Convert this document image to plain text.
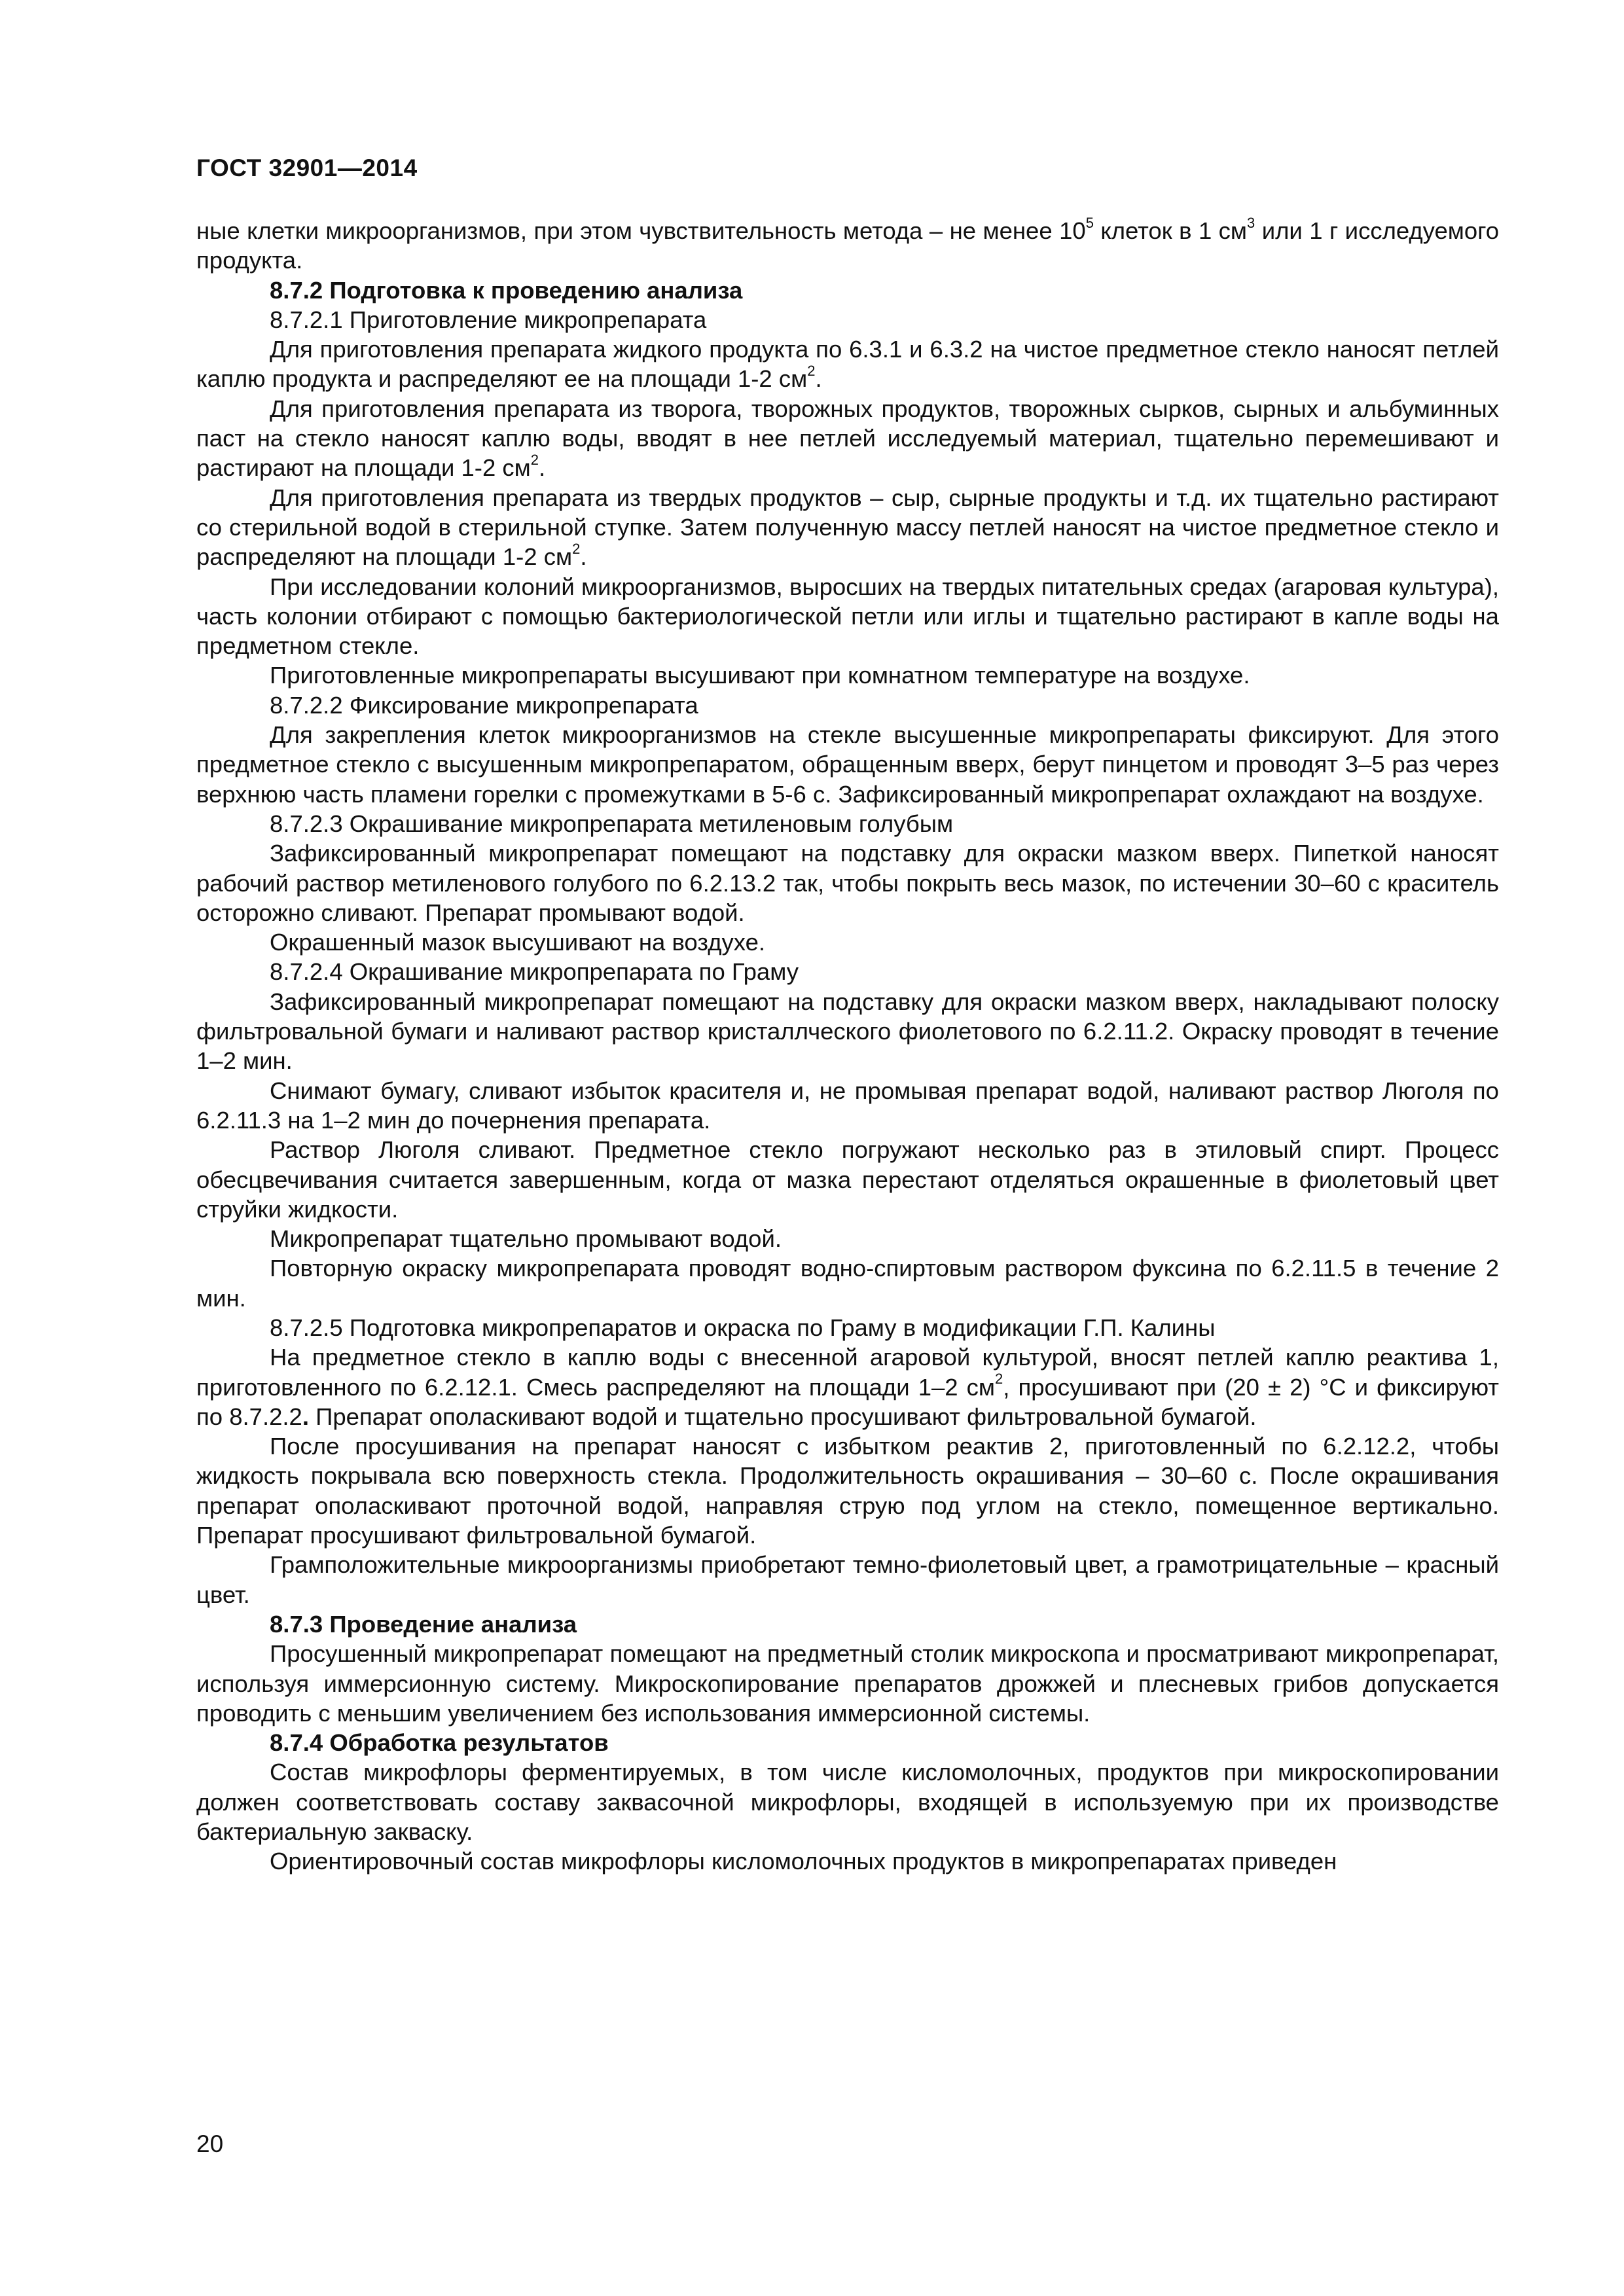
ГОСТ 32901—2014

ные клетки микроорганизмов, при этом чувствительность метода – не менее $10^5$ клеток в 1 $см^3$ или 1 г исследуемого продукта.

8.7.2 Подготовка к проведению анализа

8.7.2.1 Приготовление микропрепарата

Для приготовления препарата жидкого продукта по 6.3.1 и 6.3.2 на чистое предметное стекло наносят петлей каплю продукта и распределяют ее на площади 1-2 $см^2$.

Для приготовления препарата из творога, творожных продуктов, творожных сырков, сырных и альбуминных паст на стекло наносят каплю воды, вводят в нее петлей исследуемый материал, тщательно перемешивают и растирают на площади 1-2 $см^2$.

Для приготовления препарата из твердых продуктов – сыр, сырные продукты и т.д. их тщательно растирают со стерильной водой в стерильной ступке. Затем полученную массу петлей наносят на чистое предметное стекло и распределяют на площади 1-2 $см^2$.

При исследовании колоний микроорганизмов, выросших на твердых питательных средах (агаровая культура), часть колонии отбирают с помощью бактериологической петли или иглы и тщательно растирают в капле воды на предметном стекле.

Приготовленные микропрепараты высушивают при комнатном температуре на воздухе.

8.7.2.2 Фиксирование микропрепарата

Для закрепления клеток микроорганизмов на стекле высушенные микропрепараты фиксируют. Для этого предметное стекло с высушенным микропрепаратом, обращенным вверх, берут пинцетом и проводят 3–5 раз через верхнюю часть пламени горелки с промежутками в 5-6 с. Зафиксированный микропрепарат охлаждают на воздухе.

8.7.2.3 Окрашивание микропрепарата метиленовым голубым

Зафиксированный микропрепарат помещают на подставку для окраски мазком вверх. Пипеткой наносят рабочий раствор метиленового голубого по 6.2.13.2 так, чтобы покрыть весь мазок, по истечении 30–60 с краситель осторожно сливают. Препарат промывают водой.

Окрашенный мазок высушивают на воздухе.

8.7.2.4 Окрашивание микропрепарата по Граму

Зафиксированный микропрепарат помещают на подставку для окраски мазком вверх, накладывают полоску фильтровальной бумаги и наливают раствор кристаллческого фиолетового по 6.2.11.2. Окраску проводят в течение 1–2 мин.

Снимают бумагу, сливают избыток красителя и, не промывая препарат водой, наливают раствор Люголя по 6.2.11.3 на 1–2 мин до почернения препарата.

Раствор Люголя сливают. Предметное стекло погружают несколько раз в этиловый спирт. Процесс обесцвечивания считается завершенным, когда от мазка перестают отделяться окрашенные в фиолетовый цвет струйки жидкости.

Микропрепарат тщательно промывают водой.

Повторную окраску микропрепарата проводят водно-спиртовым раствором фуксина по 6.2.11.5 в течение 2 мин.

8.7.2.5 Подготовка микропрепаратов и окраска по Граму в модификации Г.П. Калины

На предметное стекло в каплю воды с внесенной агаровой культурой, вносят петлей каплю реактива 1, приготовленного по 6.2.12.1. Смесь распределяют на площади 1–2 $см^2$, просушивают при (20 ± 2) °С и фиксируют по 8.7.2.2. Препарат ополаскивают водой и тщательно просушивают фильтровальной бумагой.

После просушивания на препарат наносят с избытком реактив 2, приготовленный по 6.2.12.2, чтобы жидкость покрывала всю поверхность стекла. Продолжительность окрашивания – 30–60 с. После окрашивания препарат ополаскивают проточной водой, направляя струю под углом на стекло, помещенное вертикально. Препарат просушивают фильтровальной бумагой.

Грамположительные микроорганизмы приобретают темно-фиолетовый цвет, а грамотрицательные – красный цвет.

8.7.3 Проведение анализа

Просушенный микропрепарат помещают на предметный столик микроскопа и просматривают микропрепарат, используя иммерсионную систему. Микроскопирование препаратов дрожжей и плесневых грибов допускается проводить с меньшим увеличением без использования иммерсионной системы.

8.7.4 Обработка результатов

Состав микрофлоры ферментируемых, в том числе кисломолочных, продуктов при микроскопировании должен соответствовать составу заквасочной микрофлоры, входящей в используемую при их производстве бактериальную закваску.

Ориентировочный состав микрофлоры кисломолочных продуктов в микропрепаратах приведен

20
